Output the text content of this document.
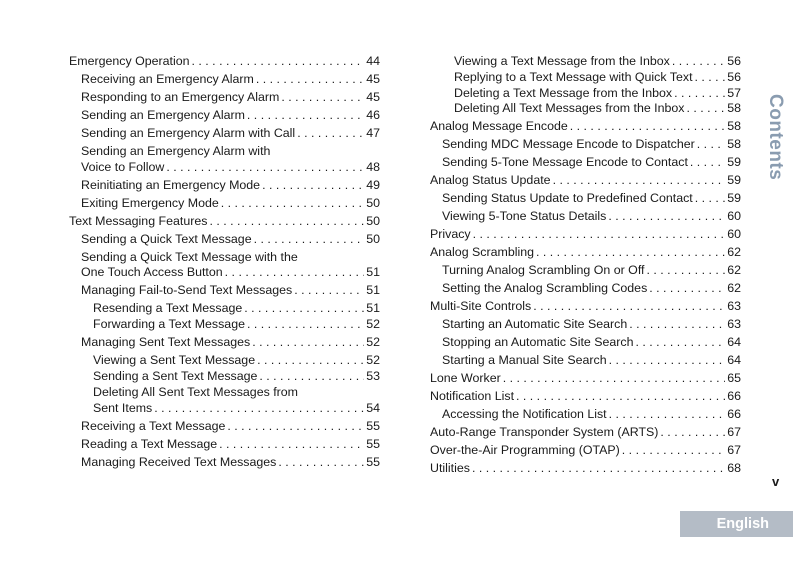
Emergency Operation . . .	44
Receiving an Emergency Alarm . . .	45
Responding to an Emergency Alarm . . .	45
Sending an Emergency Alarm . . .	46
Sending an Emergency Alarm with Call . . .	47
Sending an Emergency Alarm with
Voice to Follow . . .	48
Reinitiating an Emergency Mode . . .	49
Exiting Emergency Mode . . .	50
Text Messaging Features . . .	50
Sending a Quick Text Message . . .	50
Sending a Quick Text Message with the
One Touch Access Button . . .	51
Managing Fail-to-Send Text Messages . . .	51
Resending a Text Message . . .	51
Forwarding a Text Message . . .	52
Managing Sent Text Messages . . .	52
Viewing a Sent Text Message . . .	52
Sending a Sent Text Message . . .	53
Deleting All Sent Text Messages from
Sent Items . . .	54
Receiving a Text Message . . .	55
Reading a Text Message . . .	55
Managing Received Text Messages . . .	55
Viewing a Text Message from the Inbox . . .	56
Replying to a Text Message with Quick Text . . .	56
Deleting a Text Message from the Inbox . . .	57
Deleting All Text Messages from the Inbox . . .	58
Analog Message Encode . . .	58
Sending MDC Message Encode to Dispatcher . . .	58
Sending 5-Tone Message Encode to Contact . . .	59
Analog Status Update . . .	59
Sending Status Update to Predefined Contact . . .	59
Viewing 5-Tone Status Details . . .	60
Privacy . . .	60
Analog Scrambling . . .	62
Turning Analog Scrambling On or Off . . .	62
Setting the Analog Scrambling Codes . . .	62
Multi-Site Controls . . .	63
Starting an Automatic Site Search . . .	63
Stopping an Automatic Site Search . . .	64
Starting a Manual Site Search . . .	64
Lone Worker . . .	65
Notification List . . .	66
Accessing the Notification List . . .	66
Auto-Range Transponder System (ARTS) . . .	67
Over-the-Air Programming (OTAP) . . .	67
Utilities . . .	68
Contents
v
English
